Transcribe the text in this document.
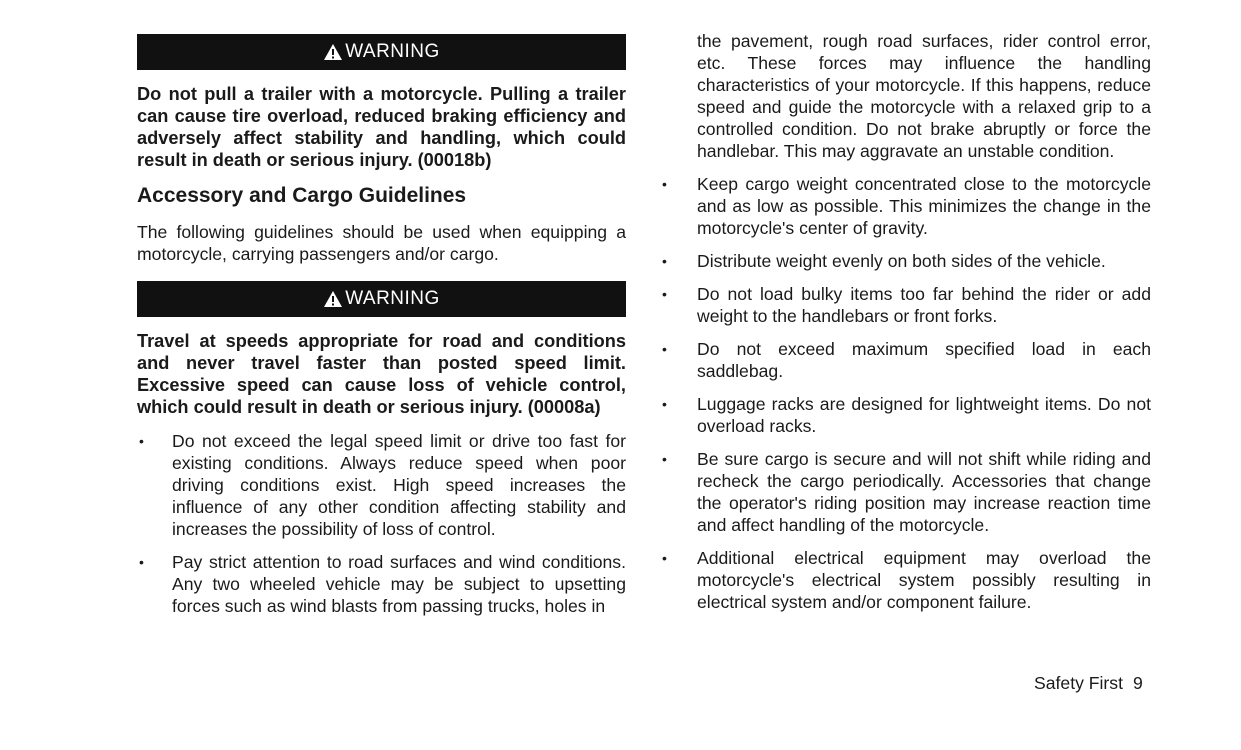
WARNING

Do not pull a trailer with a motorcycle. Pulling a trailer can cause tire overload, reduced braking efficiency and adversely affect stability and handling, which could result in death or serious injury. (00018b)

Accessory and Cargo Guidelines

The following guidelines should be used when equipping a motorcycle, carrying passengers and/or cargo.

WARNING

Travel at speeds appropriate for road and conditions and never travel faster than posted speed limit. Excessive speed can cause loss of vehicle control, which could result in death or serious injury. (00008a)

• Do not exceed the legal speed limit or drive too fast for existing conditions. Always reduce speed when poor driving conditions exist. High speed increases the influence of any other condition affecting stability and increases the possibility of loss of control.
• Pay strict attention to road surfaces and wind conditions. Any two wheeled vehicle may be subject to upsetting forces such as wind blasts from passing trucks, holes in

the pavement, rough road surfaces, rider control error, etc. These forces may influence the handling characteristics of your motorcycle. If this happens, reduce speed and guide the motorcycle with a relaxed grip to a controlled condition. Do not brake abruptly or force the handlebar. This may aggravate an unstable condition.

• Keep cargo weight concentrated close to the motorcycle and as low as possible. This minimizes the change in the motorcycle's center of gravity.
• Distribute weight evenly on both sides of the vehicle.
• Do not load bulky items too far behind the rider or add weight to the handlebars or front forks.
• Do not exceed maximum specified load in each saddlebag.
• Luggage racks are designed for lightweight items. Do not overload racks.
• Be sure cargo is secure and will not shift while riding and recheck the cargo periodically. Accessories that change the operator's riding position may increase reaction time and affect handling of the motorcycle.
• Additional electrical equipment may overload the motorcycle's electrical system possibly resulting in electrical system and/or component failure.
Safety First 9
